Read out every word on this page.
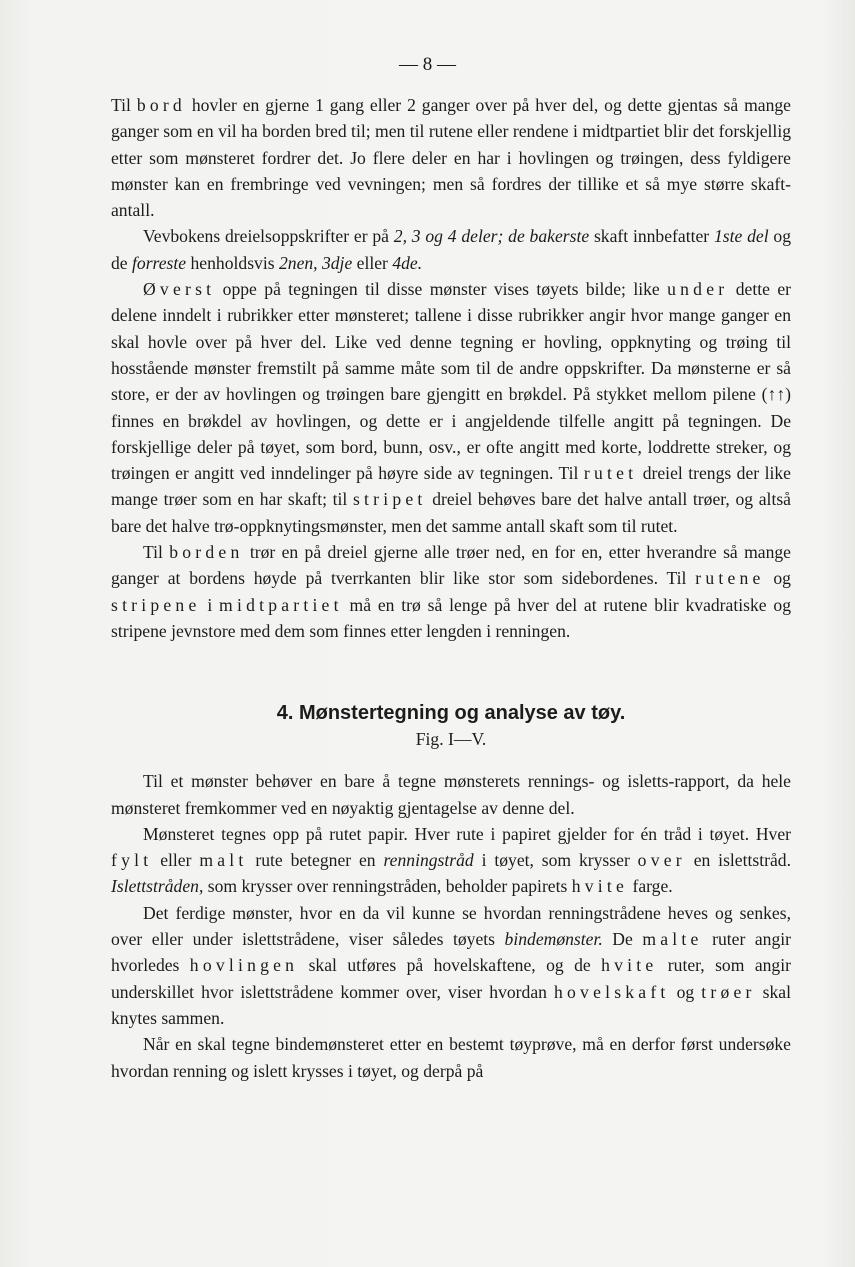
— 8 —

Til bord hovler en gjerne 1 gang eller 2 ganger over på hver del, og dette gjentas så mange ganger som en vil ha borden bred til; men til rutene eller rendene i midtpartiet blir det forskjellig etter som mønsteret fordrer det. Jo flere deler en har i hovlingen og trøingen, dess fyldigere mønster kan en frembringe ved vevningen; men så fordres der tillike et så mye større skaft-antall.

Vevbokens dreielsoppskrifter er på 2, 3 og 4 deler; de bakerste skaft innbefatter 1ste del og de forreste henholdsvis 2nen, 3dje eller 4de.

Øverst oppe på tegningen til disse mønster vises tøyets bilde; like under dette er delene inndelt i rubrikker etter mønsteret; tallene i disse rubrikker angir hvor mange ganger en skal hovle over på hver del. Like ved denne tegning er hovling, oppknyting og trøing til hosstående mønster fremstilt på samme måte som til de andre oppskrifter. Da mønsterne er så store, er der av hovlingen og trøingen bare gjengitt en brøkdel. På stykket mellom pilene (↑↑) finnes en brøkdel av hovlingen, og dette er i angjeldende tilfelle angitt på tegningen. De forskjellige deler på tøyet, som bord, bunn, osv., er ofte angitt med korte, loddrette streker, og trøingen er angitt ved inndelinger på høyre side av tegningen. Til rutet dreiel trengs der like mange trøer som en har skaft; til stripet dreiel behøves bare det halve antall trøer, og altså bare det halve trø-oppknytingsmønster, men det samme antall skaft som til rutet.

Til borden trør en på dreiel gjerne alle trøer ned, en for en, etter hverandre så mange ganger at bordens høyde på tverrkanten blir like stor som sidebordenes. Til rutene og stripene i midtpartiet må en trø så lenge på hver del at rutene blir kvadratiske og stripene jevnstore med dem som finnes etter lengden i renningen.

4. Mønstertegning og analyse av tøy.
Fig. I—V.

Til et mønster behøver en bare å tegne mønsterets rennings- og isletts-rapport, da hele mønsteret fremkommer ved en nøyaktig gjentagelse av denne del.

Mønsteret tegnes opp på rutet papir. Hver rute i papiret gjelder for én tråd i tøyet. Hver fylt eller malt rute betegner en renningstråd i tøyet, som krysser over en islettstråd. Islettstråden, som krysser over renningstråden, beholder papirets hvite farge.

Det ferdige mønster, hvor en da vil kunne se hvordan renningstrådene heves og senkes, over eller under islettstrådene, viser således tøyets bindemønster. De malte ruter angir hvorledes hovlingen skal utføres på hovelskaftene, og de hvite ruter, som angir underskillet hvor islettstrådene kommer over, viser hvordan hovelskaft og trøer skal knytes sammen.

Når en skal tegne bindemønsteret etter en bestemt tøyprøve, må en derfor først undersøke hvordan renning og islett krysses i tøyet, og derpå på
